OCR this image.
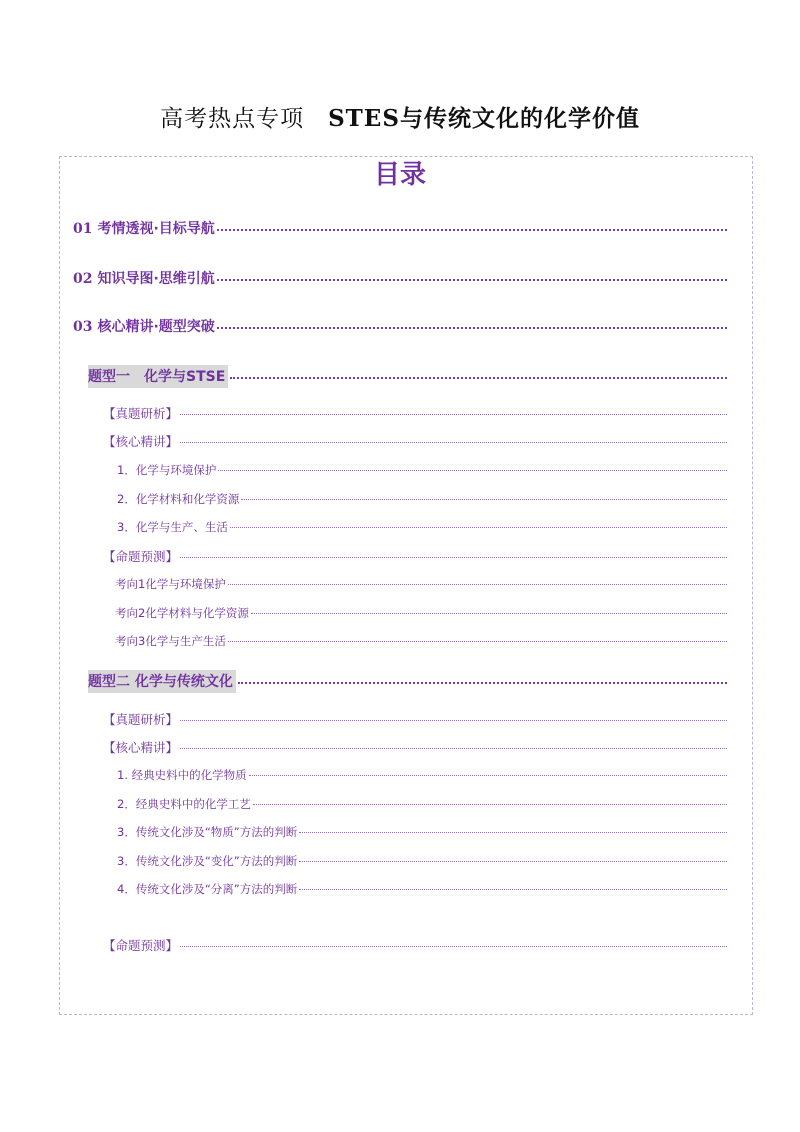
高考热点专项 STES与传统文化的化学价值
目录
01 考情透视·目标导航
02 知识导图·思维引航
03 核心精讲·题型突破
题型一　化学与STSE
【真题研析】
【核心精讲】
1．化学与环境保护
2．化学材料和化学资源
3．化学与生产、生活
【命题预测】
考向1化学与环境保护
考向2化学材料与化学资源
考向3化学与生产生活
题型二 化学与传统文化
【真题研析】
【核心精讲】
1. 经典史料中的化学物质
2．经典史料中的化学工艺
3．传统文化涉及“物质”方法的判断
3．传统文化涉及“变化”方法的判断
4．传统文化涉及“分离”方法的判断
【命题预测】
